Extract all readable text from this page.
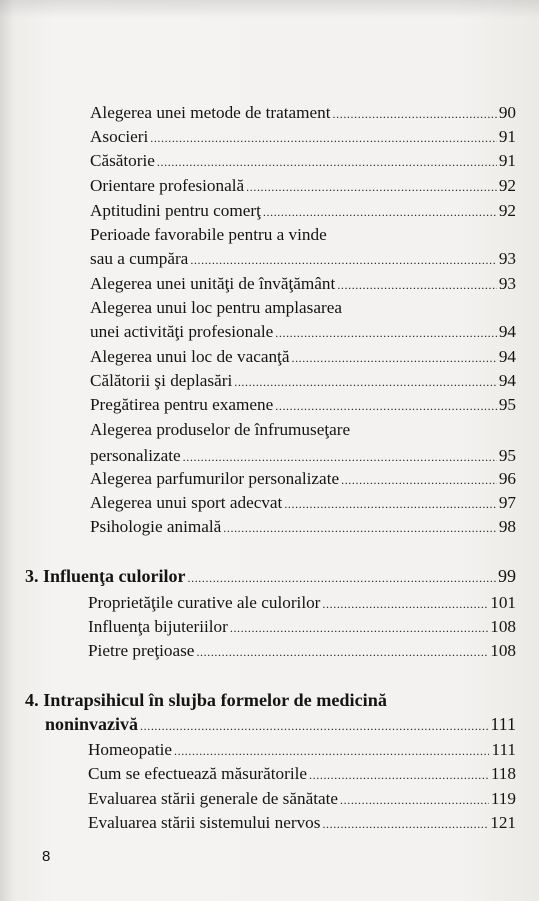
Alegerea unei metode de tratament .....	90
Asocieri .....	91
Căsătorie .....	91
Orientare profesională .....	92
Aptitudini pentru comerţ .....	92
Perioade favorabile pentru a vinde
sau a cumpăra .....	93
Alegerea unei unităţi de învăţământ .....	93
Alegerea unui loc pentru amplasarea
unei activităţi profesionale .....	94
Alegerea unui loc de vacanţă .....	94
Călătorii şi deplasări .....	94
Pregătirea pentru examene .....	95
Alegerea produselor de înfrumuseţare
personalizate .....	95
Alegerea parfumurilor personalizate .....	96
Alegerea unui sport adecvat .....	97
Psihologie animală .....	98
3. Influenţa culorilor .....	99
Proprietăţile curative ale culorilor .....	101
Influenţa bijuteriilor .....	108
Pietre preţioase .....	108
4. Intrapsihicul în slujba formelor de medicină
noninvazivă .....	111
Homeopatie .....	111
Cum se efectuează măsurătorile .....	118
Evaluarea stării generale de sănătate .....	119
Evaluarea stării sistemului nervos .....	121
8
